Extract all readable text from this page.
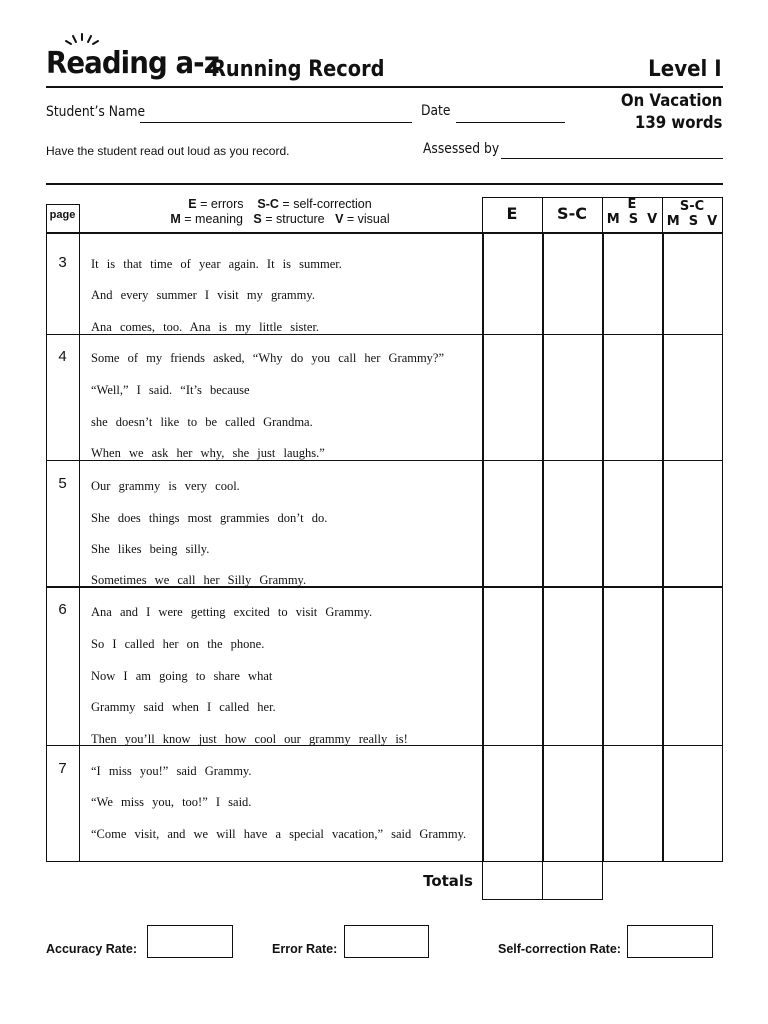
Reading a-z
Running Record	Level I
Student’s Name	Date	On Vacation
139 words
Have the student read out loud as you record.	Assessed by
page
E = errors    S-C = self-correction
M = meaning   S = structure   V = visual	E	S-C	E
M  S  V
S-C
M  S  V
3	It is that time of year again. It is summer.
And every summer I visit my grammy.
Ana comes, too. Ana is my little sister.
4	Some of my friends asked, “Why do you call her Grammy?”
“Well,” I said. “It’s because
she doesn’t like to be called Grandma.
When we ask her why, she just laughs.”
5	Our grammy is very cool.
She does things most grammies don’t do.
She likes being silly.
Sometimes we call her Silly Grammy.
6	Ana and I were getting excited to visit Grammy.
So I called her on the phone.
Now I am going to share what
Grammy said when I called her.
Then you’ll know just how cool our grammy really is!
7	“I miss you!” said Grammy.
“We miss you, too!” I said.
“Come visit, and we will have a special vacation,” said Grammy.
Totals
Accuracy Rate:	Error Rate:	Self-correction Rate:
